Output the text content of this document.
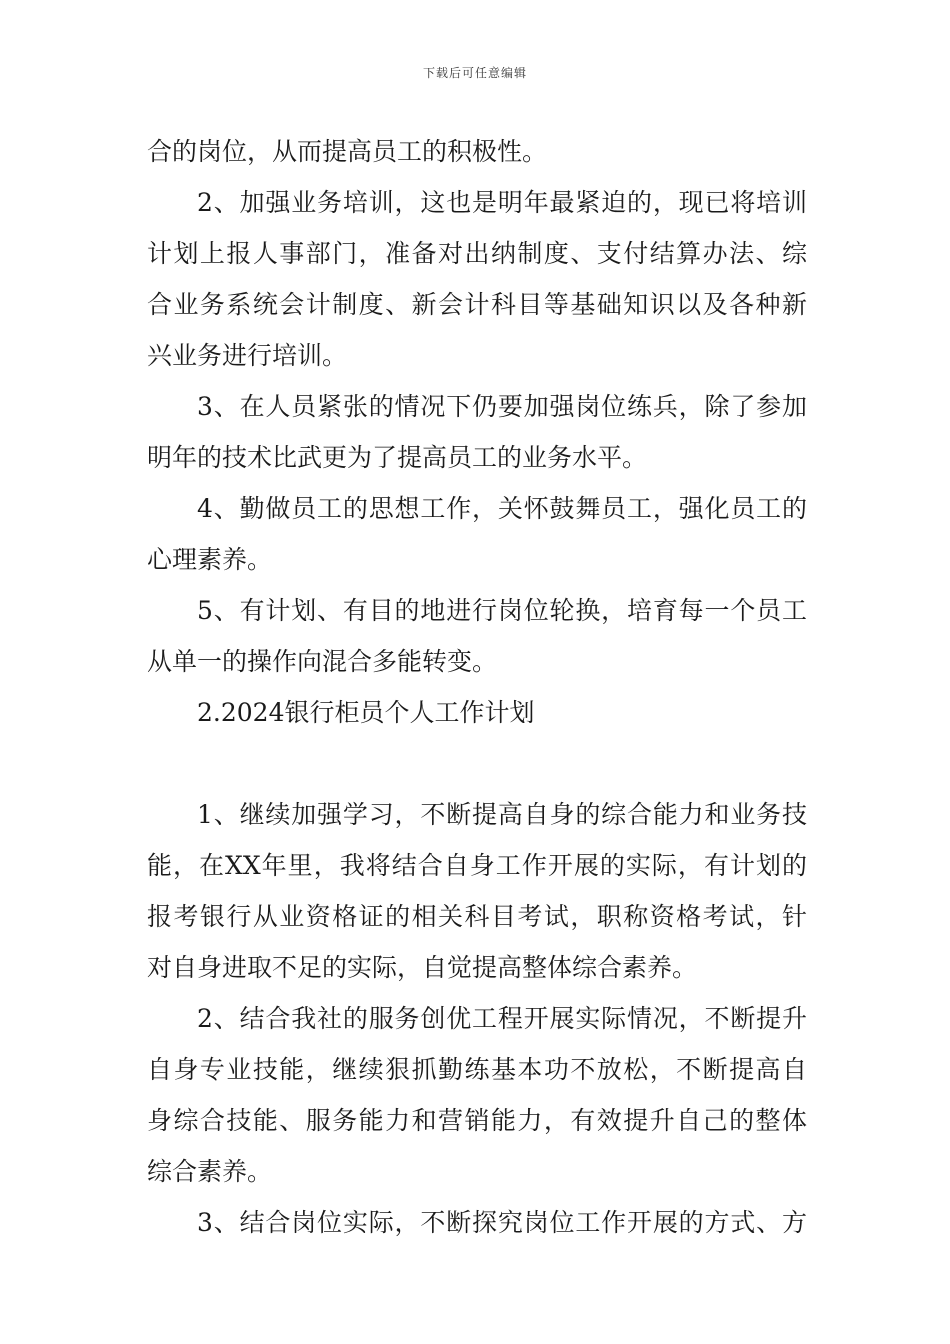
下载后可任意编辑
合的岗位，从而提高员工的积极性。
2、加强业务培训，这也是明年最紧迫的，现已将培训
计划上报人事部门，准备对出纳制度、支付结算办法、综
合业务系统会计制度、新会计科目等基础知识以及各种新
兴业务进行培训。
3、在人员紧张的情况下仍要加强岗位练兵，除了参加
明年的技术比武更为了提高员工的业务水平。
4、勤做员工的思想工作，关怀鼓舞员工，强化员工的
心理素养。
5、有计划、有目的地进行岗位轮换，培育每一个员工
从单一的操作向混合多能转变。
2.2024银行柜员个人工作计划
1、继续加强学习，不断提高自身的综合能力和业务技
能，在XX年里，我将结合自身工作开展的实际，有计划的
报考银行从业资格证的相关科目考试，职称资格考试，针
对自身进取不足的实际，自觉提高整体综合素养。
2、结合我社的服务创优工程开展实际情况，不断提升
自身专业技能，继续狠抓勤练基本功不放松，不断提高自
身综合技能、服务能力和营销能力，有效提升自己的整体
综合素养。
3、结合岗位实际，不断探究岗位工作开展的方式、方
